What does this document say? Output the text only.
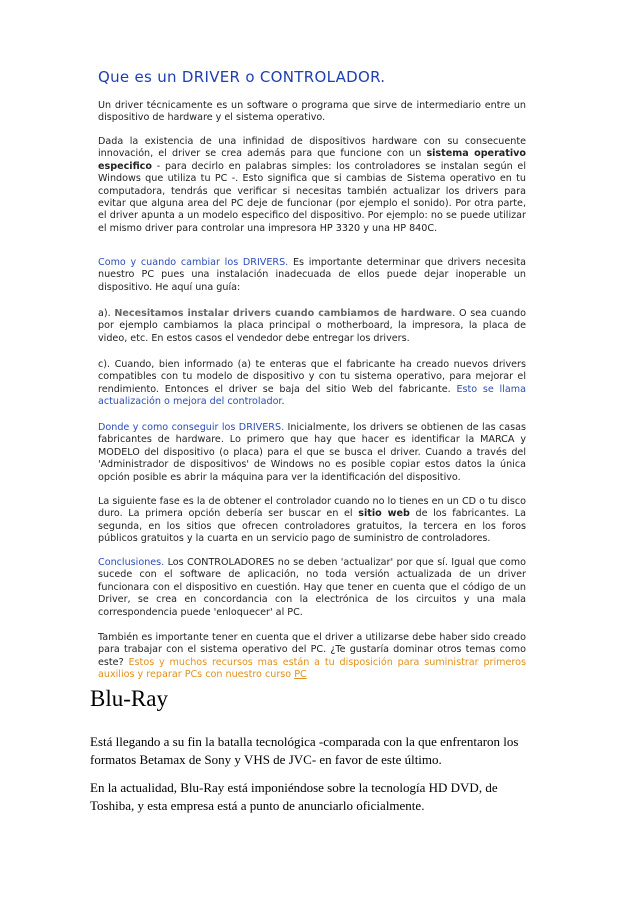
Que es un DRIVER o CONTROLADOR.
Un driver técnicamente es un software o programa que sirve de intermediario entre un dispositivo de hardware y el sistema operativo.
Dada la existencia de una infinidad de dispositivos hardware con su consecuente innovación, el driver se crea además para que funcione con un sistema operativo especifico - para decirlo en palabras simples: los controladores se instalan según el Windows que utiliza tu PC -. Esto significa que si cambias de Sistema operativo en tu computadora, tendrás que verificar si necesitas también actualizar los drivers para evitar que alguna area del PC deje de funcionar (por ejemplo el sonido). Por otra parte, el driver apunta a un modelo especifico del dispositivo. Por ejemplo: no se puede utilizar el mismo driver para controlar una impresora HP 3320 y una HP 840C.
Como y cuando cambiar los DRIVERS. Es importante determinar que drivers necesita nuestro PC pues una instalación inadecuada de ellos puede dejar inoperable un dispositivo. He aquí una guía:
a). Necesitamos instalar drivers cuando cambiamos de hardware. O sea cuando por ejemplo cambiamos la placa principal o motherboard, la impresora, la placa de video, etc. En estos casos el vendedor debe entregar los drivers.
c). Cuando, bien informado (a) te enteras que el fabricante ha creado nuevos drivers compatibles con tu modelo de dispositivo y con tu sistema operativo, para mejorar el rendimiento. Entonces el driver se baja del sitio Web del fabricante. Esto se llama actualización o mejora del controlador.
Donde y como conseguir los DRIVERS. Inicialmente, los drivers se obtienen de las casas fabricantes de hardware. Lo primero que hay que hacer es identificar la MARCA y MODELO del dispositivo (o placa) para el que se busca el driver. Cuando a través del 'Administrador de dispositivos' de Windows no es posible copiar estos datos la única opción posible es abrir la máquina para ver la identificación del dispositivo.
La siguiente fase es la de obtener el controlador cuando no lo tienes en un CD o tu disco duro. La primera opción debería ser buscar en el sitio web de los fabricantes. La segunda, en los sitios que ofrecen controladores gratuitos, la tercera en los foros públicos gratuitos y la cuarta en un servicio pago de suministro de controladores.
Conclusiones. Los CONTROLADORES no se deben 'actualizar' por que sí. Igual que como sucede con el software de aplicación, no toda versión actualizada de un driver funcionara con el dispositivo en cuestión. Hay que tener en cuenta que el código de un Driver, se crea en concordancia con la electrónica de los circuitos y una mala correspondencia puede 'enloquecer' al PC.
También es importante tener en cuenta que el driver a utilizarse debe haber sido creado para trabajar con el sistema operativo del PC. ¿Te gustaría dominar otros temas como este? Estos y muchos recursos mas están a tu disposición para suministrar primeros auxilios y reparar PCs con nuestro curso PC
Blu-Ray
Está llegando a su fin la batalla tecnológica -comparada con la que enfrentaron los formatos Betamax de Sony y VHS de JVC- en favor de este último.
En la actualidad, Blu-Ray está imponiéndose sobre la tecnología HD DVD, de Toshiba, y esta empresa está a punto de anunciarlo oficialmente.
